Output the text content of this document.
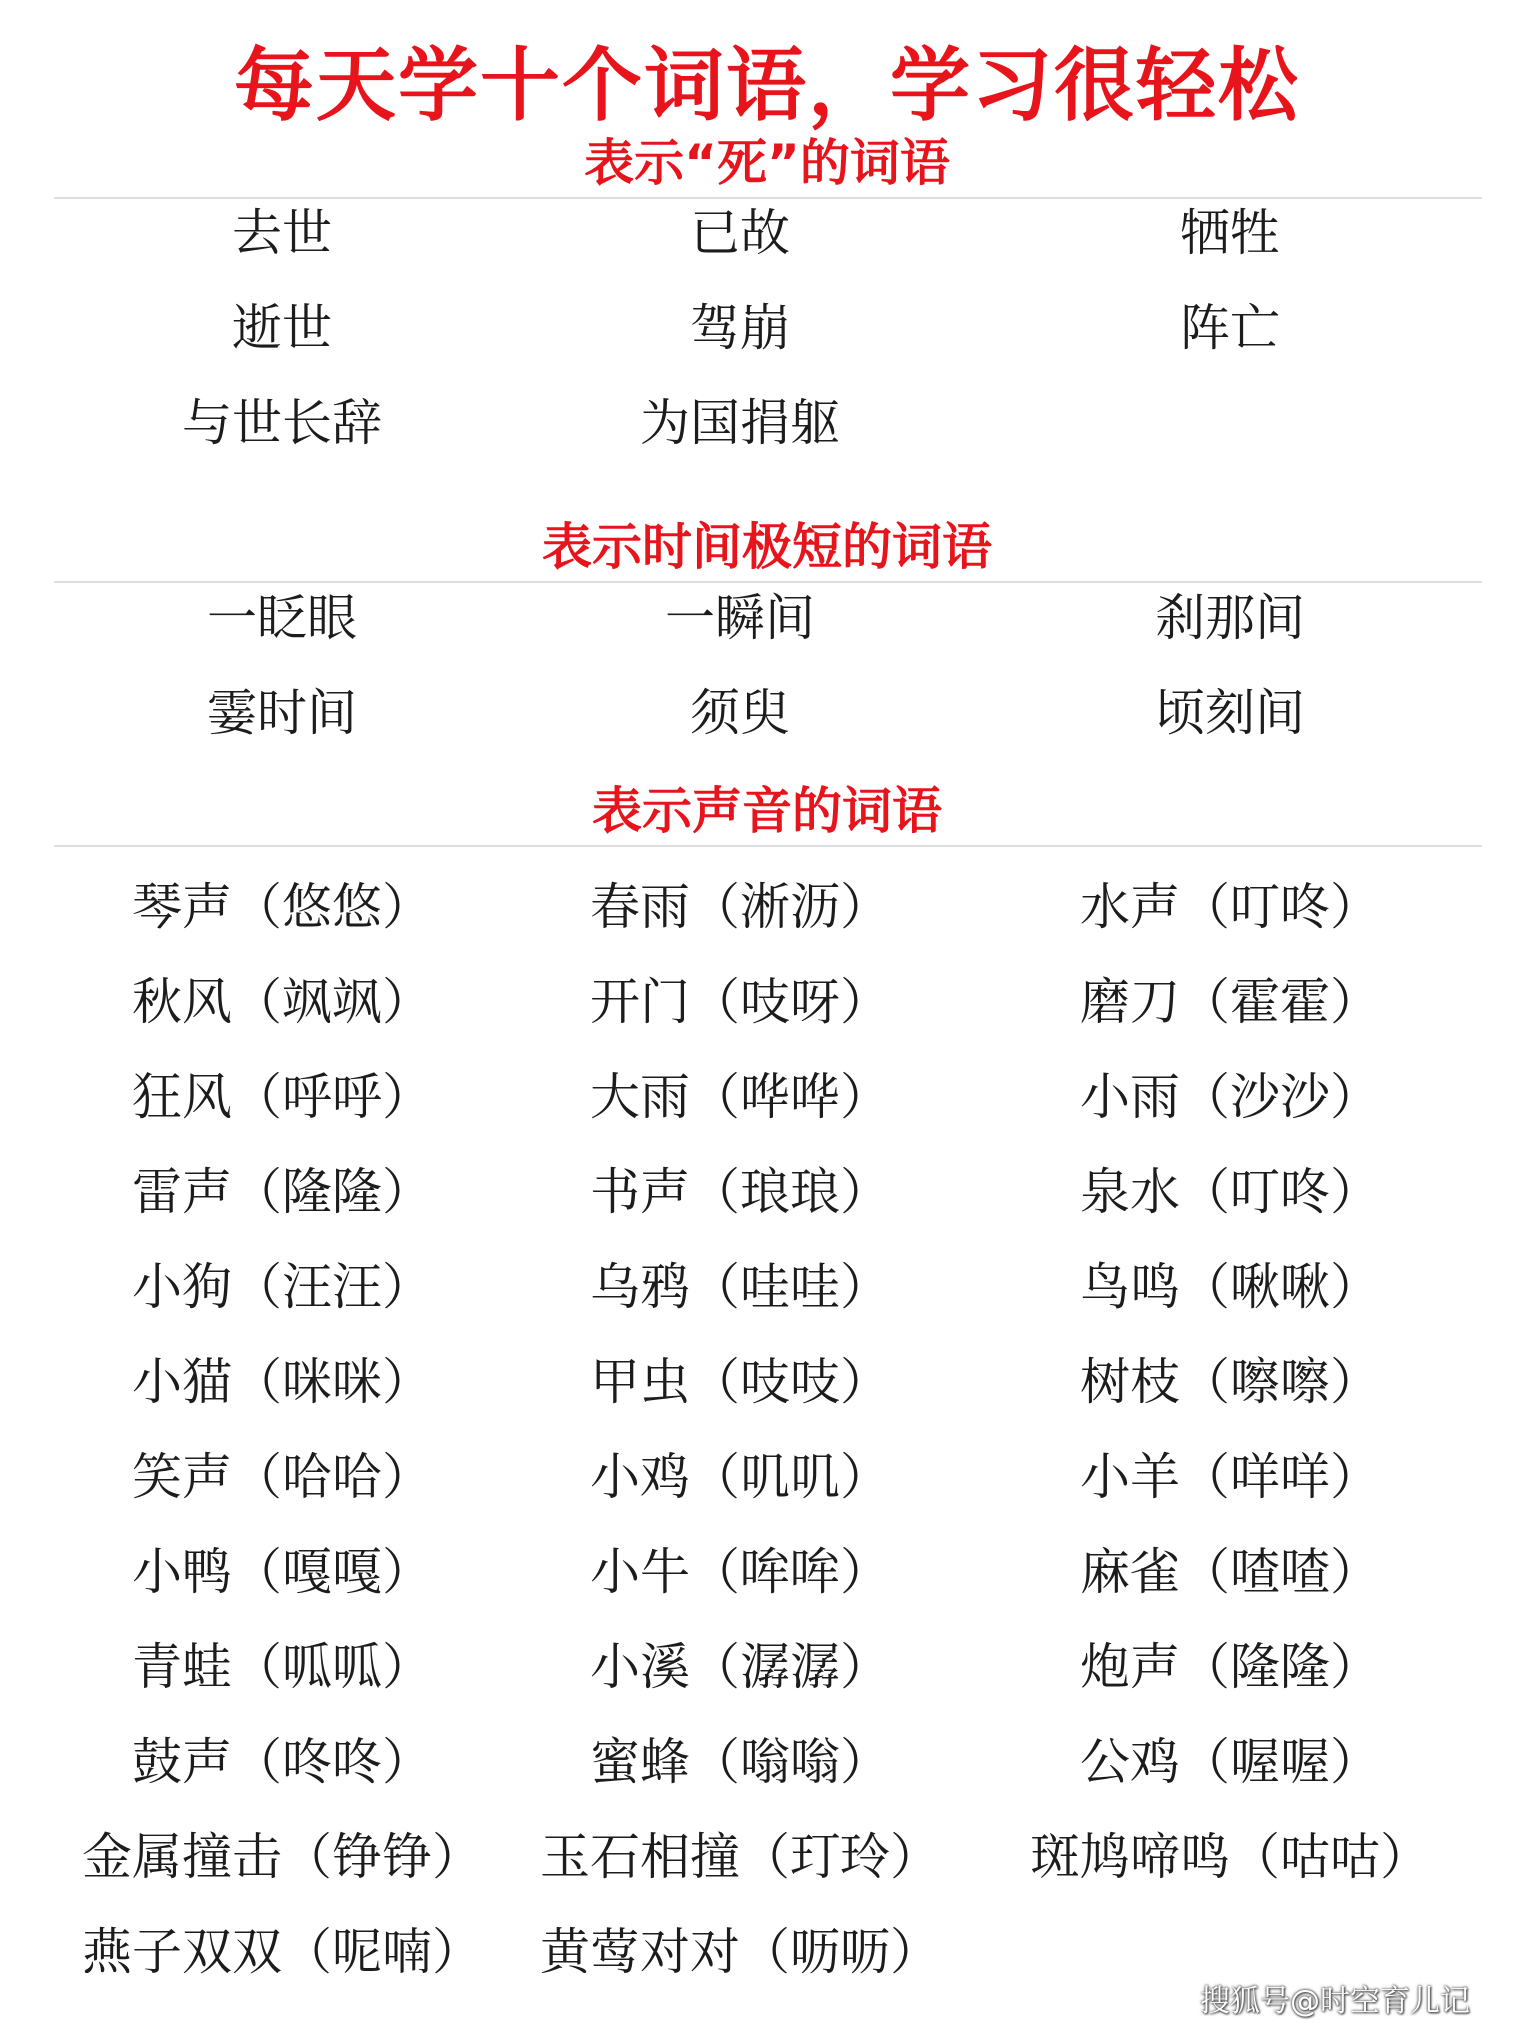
每天学十个词语，学习很轻松
表示“死”的词语
去世	已故	牺牲
逝世	驾崩	阵亡
与世长辞	为国捐躯
表示时间极短的词语
一眨眼	一瞬间	刹那间
霎时间	须臾	顷刻间
表示声音的词语
琴声（悠悠）	春雨（淅沥）	水声（叮咚）
秋风（飒飒）	开门（吱呀）	磨刀（霍霍）
狂风（呼呼）	大雨（哗哗）	小雨（沙沙）
雷声（隆隆）	书声（琅琅）	泉水（叮咚）
小狗（汪汪）	乌鸦（哇哇）	鸟鸣（啾啾）
小猫（咪咪）	甲虫（吱吱）	树枝（嚓嚓）
笑声（哈哈）	小鸡（叽叽）	小羊（咩咩）
小鸭（嘎嘎）	小牛（哞哞）	麻雀（喳喳）
青蛙（呱呱）	小溪（潺潺）	炮声（隆隆）
鼓声（咚咚）	蜜蜂（嗡嗡）	公鸡（喔喔）
金属撞击（铮铮）	玉石相撞（玎玲）	斑鸠啼鸣（咕咕）
燕子双双（呢喃）	黄莺对对（呖呖）
搜狐号@时空育儿记
